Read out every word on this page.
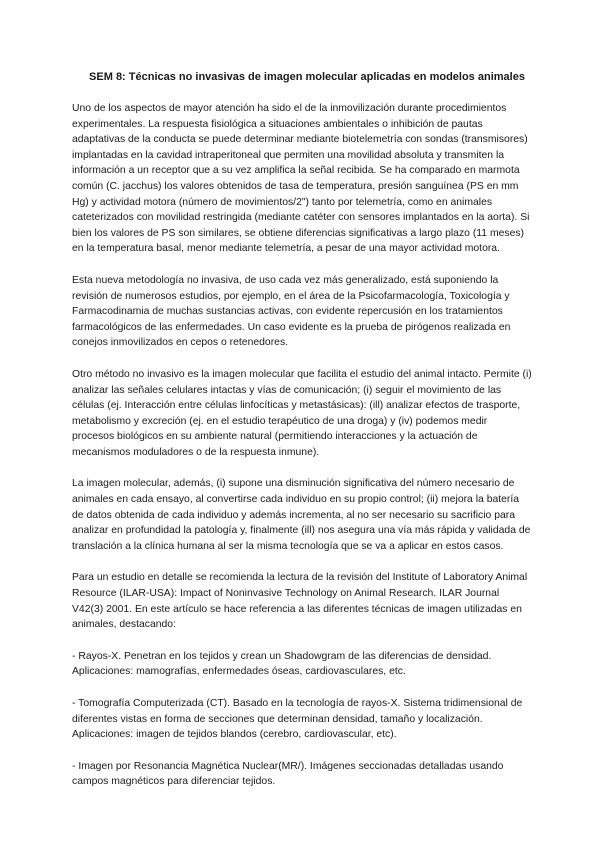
SEM 8: Técnicas no invasivas de imagen molecular aplicadas en modelos animales

Uno de los aspectos de mayor atención ha sido el de la inmovilización durante procedimientos experimentales. La respuesta fisiológica a situaciones ambientales o inhibición de pautas adaptativas de la conducta se puede determinar mediante biotelemetría con sondas (transmisores) implantadas en la cavidad intraperitoneal que permiten una movilidad absoluta y transmiten la información a un receptor que a su vez amplifica la señal recibida. Se ha comparado en marmota común (C. jacchus) los valores obtenidos de tasa de temperatura, presión sanguínea (PS en mm Hg) y actividad motora (número de movimientos/2") tanto por telemetría, como en animales cateterizados con movilidad restringida (mediante catéter con sensores implantados en la aorta). Si bien los valores de PS son similares, se obtiene diferencias significativas a largo plazo (11 meses) en la temperatura basal, menor mediante telemetría, a pesar de una mayor actividad motora.

Esta nueva metodología no invasiva, de uso cada vez más generalizado, está suponiendo la revisión de numerosos estudios, por ejemplo, en el área de la Psicofarmacología, Toxicología y Farmacodinamia de muchas sustancias activas, con evidente repercusión en los tratamientos farmacológicos de las enfermedades. Un caso evidente es la prueba de pirógenos realizada en conejos inmovilizados en cepos o retenedores.

Otro método no invasivo es la imagen molecular que facilita el estudio del animal intacto. Permite (i) analizar las señales celulares intactas y vías de comunicación; (i) seguir el movimiento de las células (ej. Interacción entre células linfocíticas y metastásicas): (ill) analizar efectos de trasporte, metabolismo y excreción (ej. en el estudio terapéutico de una droga) y (iv) podemos medir procesos biológicos en su ambiente natural (permitiendo interacciones y la actuación de mecanismos moduladores o de la respuesta inmune).

La imagen molecular, además, (i) supone una disminución significativa del número necesario de animales en cada ensayo, al convertirse cada individuo en su propio control; (ii) mejora la batería de datos obtenida de cada individuo y además incrementa, al no ser necesario su sacrificio para analizar en profundidad la patología y, finalmente (ill) nos asegura una vía más rápida y validada de translación a la clínica humana al ser la misma tecnología que se va a aplicar en estos casos.

Para un estudio en detalle se recomienda la lectura de la revisión del Institute of Laboratory Animal Resource (ILAR-USA): Impact of Noninvasive Technology on Animal Research. ILAR Journal V42(3) 2001. En este artículo se hace referencia a las diferentes técnicas de imagen utilizadas en animales, destacando:

- Rayos-X. Penetran en los tejidos y crean un Shadowgram de las diferencias de densidad. Aplicaciones: mamografías, enfermedades óseas, cardiovasculares, etc.

- Tomografía Computerizada (CT). Basado en la tecnología de rayos-X. Sistema tridimensional de diferentes vistas en forma de secciones que determinan densidad, tamaño y localización. Aplicaciones: imagen de tejidos blandos (cerebro, cardiovascular, etc).

- Imagen por Resonancia Magnética Nuclear(MR/). Imágenes seccionadas detalladas usando campos magnéticos para diferenciar tejidos.
